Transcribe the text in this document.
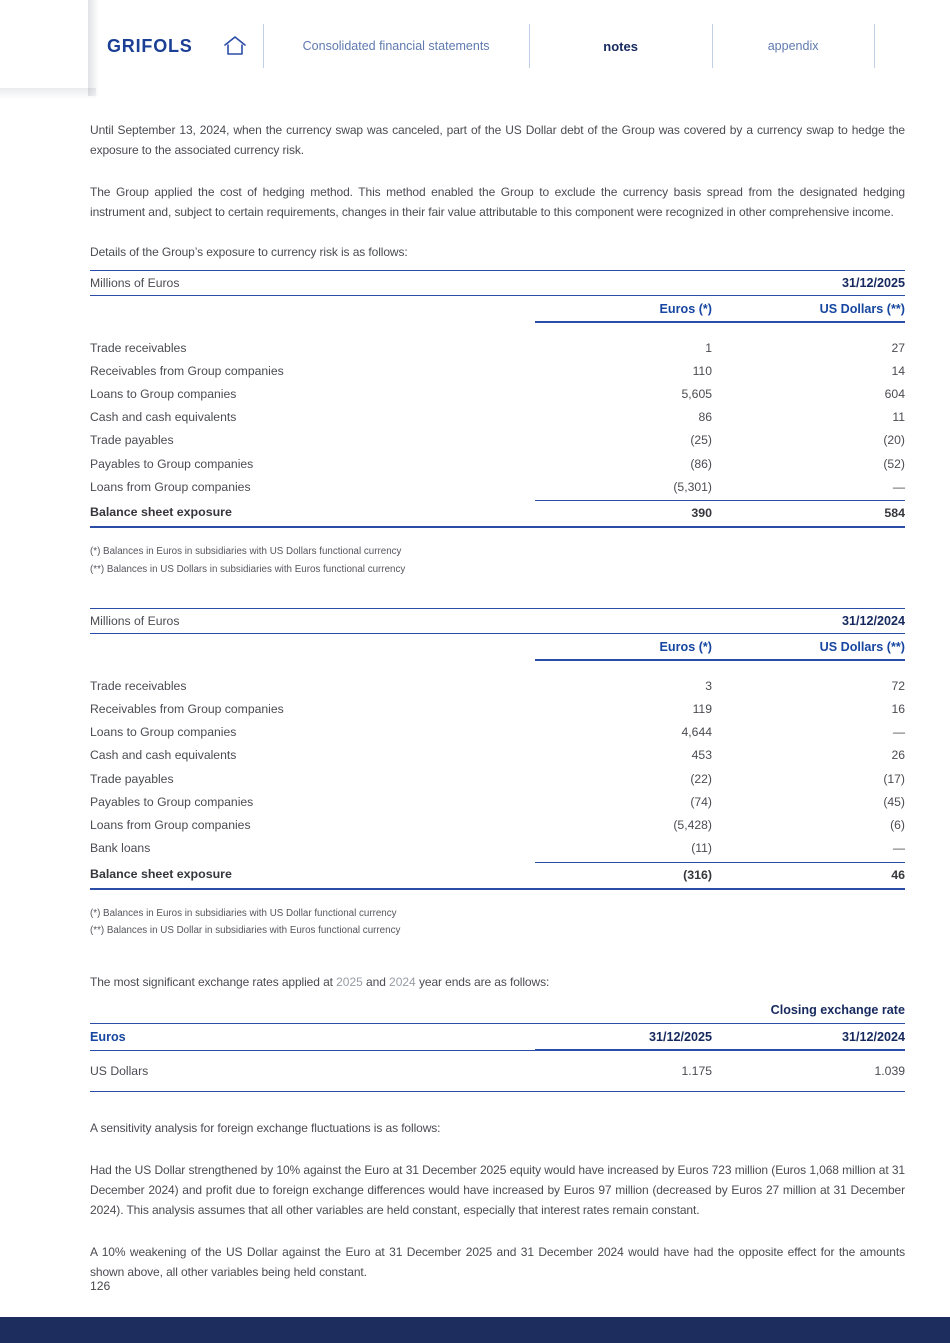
GRIFOLS	Consolidated financial statements	notes	appendix

Until September 13, 2024, when the currency swap was canceled, part of the US Dollar debt of the Group was covered by a currency swap to hedge the exposure to the associated currency risk.

The Group applied the cost of hedging method. This method enabled the Group to exclude the currency basis spread from the designated hedging instrument and, subject to certain requirements, changes in their fair value attributable to this component were recognized in other comprehensive income.

Details of the Group’s exposure to currency risk is as follows:

Millions of Euros	31/12/2025
Euros (*)	US Dollars (**)
Trade receivables	1	27
Receivables from Group companies	110	14
Loans to Group companies	5,605	604
Cash and cash equivalents	86	11
Trade payables	(25)	(20)
Payables to Group companies	(86)	(52)
Loans from Group companies	(5,301)	—
Balance sheet exposure	390	584
(*) Balances in Euros in subsidiaries with US Dollars functional currency
(**) Balances in US Dollars in subsidiaries with Euros functional currency
Millions of Euros	31/12/2024
Euros (*)	US Dollars (**)
Trade receivables	3	72
Receivables from Group companies	119	16
Loans to Group companies	4,644	—
Cash and cash equivalents	453	26
Trade payables	(22)	(17)
Payables to Group companies	(74)	(45)
Loans from Group companies	(5,428)	(6)
Bank loans	(11)	—
Balance sheet exposure	(316)	46
(*) Balances in Euros in subsidiaries with US Dollar functional currency
(**) Balances in US Dollar in subsidiaries with Euros functional currency

The most significant exchange rates applied at 2025 and 2024 year ends are as follows:

Closing exchange rate
Euros	31/12/2025	31/12/2024
US Dollars	1.175	1.039

A sensitivity analysis for foreign exchange fluctuations is as follows:

Had the US Dollar strengthened by 10% against the Euro at 31 December 2025 equity would have increased by Euros 723 million (Euros 1,068 million at 31 December 2024) and profit due to foreign exchange differences would have increased by Euros 97 million (decreased by Euros 27 million at 31 December 2024). This analysis assumes that all other variables are held constant, especially that interest rates remain constant.

A 10% weakening of the US Dollar against the Euro at 31 December 2025 and 31 December 2024 would have had the opposite effect for the amounts shown above, all other variables being held constant.

126
